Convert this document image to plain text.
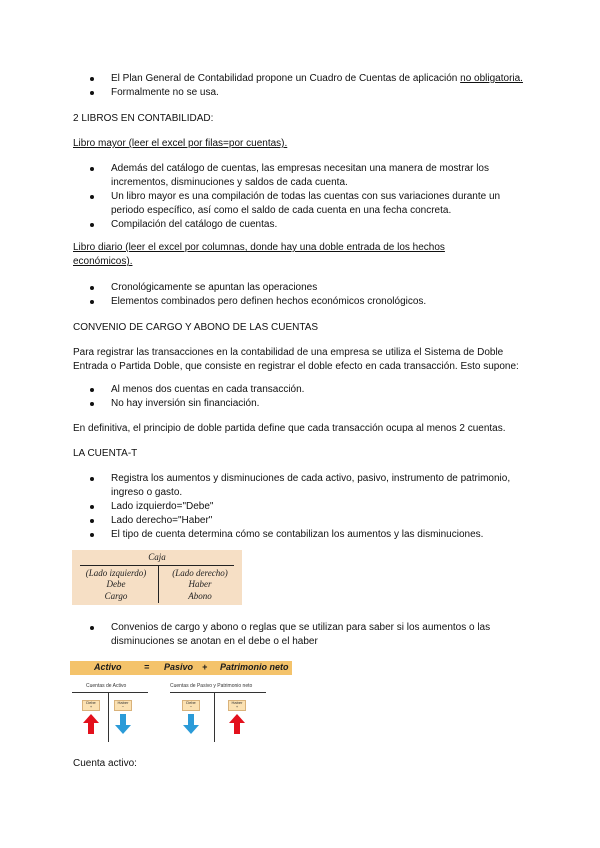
El Plan General de Contabilidad propone un Cuadro de Cuentas de aplicación no obligatoria.
Formalmente no se usa.
2 LIBROS EN CONTABILIDAD:
Libro mayor (leer el excel por filas=por cuentas).
Además del catálogo de cuentas, las empresas necesitan una manera de mostrar los
incrementos, disminuciones y saldos de cada cuenta.
Un libro mayor es una compilación de todas las cuentas con sus variaciones durante un
periodo específico, así como el saldo de cada cuenta en una fecha concreta.
Compilación del catálogo de cuentas.
Libro diario (leer el excel por columnas, donde hay una doble entrada de los hechos
económicos).
Cronológicamente se apuntan las operaciones
Elementos combinados pero definen hechos económicos cronológicos.
CONVENIO DE CARGO Y ABONO DE LAS CUENTAS
Para registrar las transacciones en la contabilidad de una empresa se utiliza el Sistema de Doble
Entrada o Partida Doble, que consiste en registrar el doble efecto en cada transacción. Esto supone:
Al menos dos cuentas en cada transacción.
No hay inversión sin financiación.
En definitiva, el principio de doble partida define que cada transacción ocupa al menos 2 cuentas.
LA CUENTA-T
Registra los aumentos y disminuciones de cada activo, pasivo, instrumento de patrimonio,
ingreso o gasto.
Lado izquierdo="Debe"
Lado derecho="Haber"
El tipo de cuenta determina cómo se contabilizan los aumentos y las disminuciones.
Caja
(Lado izquierdo)
Debe
Cargo
(Lado derecho)
Haber
Abono
Convenios de cargo y abono o reglas que se utilizan para saber si los aumentos o las
disminuciones se anotan en el debe o el haber
Activo = Pasivo + Patrimonio neto
Cuentas de Activo
Debe
+
Haber
−
Cuentas de Pasivo y Patrimonio neto
Debe
−
Haber
+
Cuenta activo:
